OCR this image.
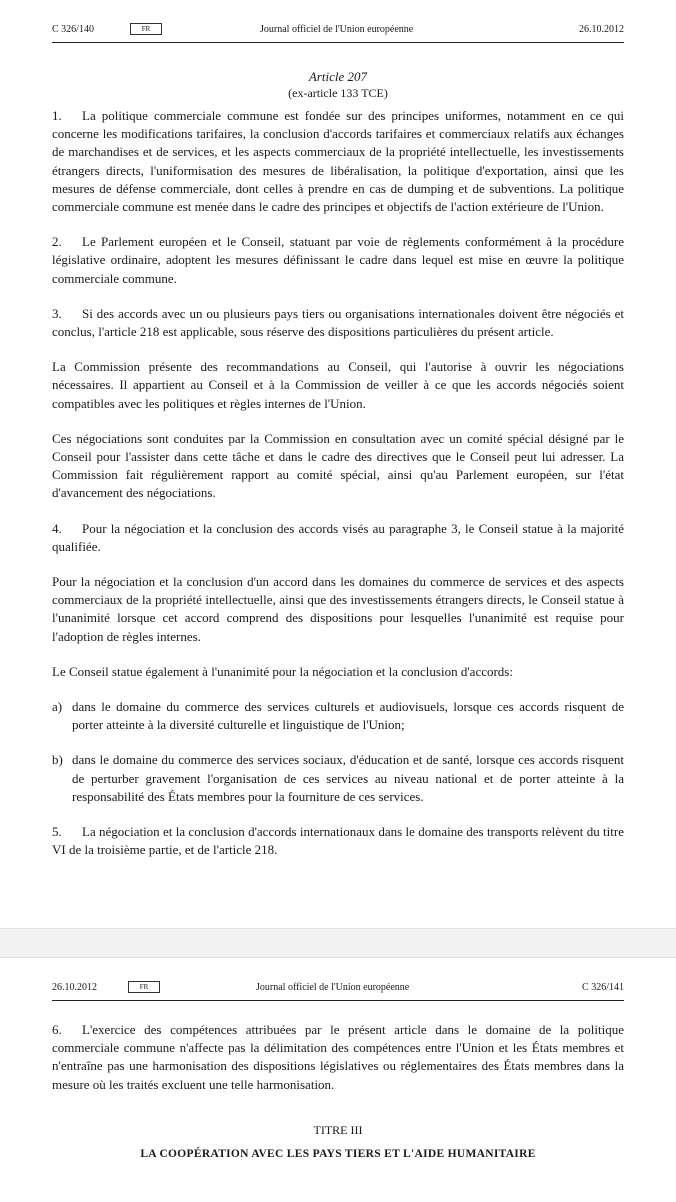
C 326/140	FR	Journal officiel de l'Union européenne	26.10.2012
Article 207
(ex-article 133 TCE)

1. La politique commerciale commune est fondée sur des principes uniformes, notamment en ce qui concerne les modifications tarifaires, la conclusion d'accords tarifaires et commerciaux relatifs aux échanges de marchandises et de services, et les aspects commerciaux de la propriété intellectuelle, les investissements étrangers directs, l'uniformisation des mesures de libéralisation, la politique d'exportation, ainsi que les mesures de défense commerciale, dont celles à prendre en cas de dumping et de subventions. La politique commerciale commune est menée dans le cadre des principes et objectifs de l'action extérieure de l'Union.

2. Le Parlement européen et le Conseil, statuant par voie de règlements conformément à la procédure législative ordinaire, adoptent les mesures définissant le cadre dans lequel est mise en œuvre la politique commerciale commune.

3. Si des accords avec un ou plusieurs pays tiers ou organisations internationales doivent être négociés et conclus, l'article 218 est applicable, sous réserve des dispositions particulières du présent article.

La Commission présente des recommandations au Conseil, qui l'autorise à ouvrir les négociations nécessaires. Il appartient au Conseil et à la Commission de veiller à ce que les accords négociés soient compatibles avec les politiques et règles internes de l'Union.

Ces négociations sont conduites par la Commission en consultation avec un comité spécial désigné par le Conseil pour l'assister dans cette tâche et dans le cadre des directives que le Conseil peut lui adresser. La Commission fait régulièrement rapport au comité spécial, ainsi qu'au Parlement européen, sur l'état d'avancement des négociations.

4. Pour la négociation et la conclusion des accords visés au paragraphe 3, le Conseil statue à la majorité qualifiée.

Pour la négociation et la conclusion d'un accord dans les domaines du commerce de services et des aspects commerciaux de la propriété intellectuelle, ainsi que des investissements étrangers directs, le Conseil statue à l'unanimité lorsque cet accord comprend des dispositions pour lesquelles l'unanimité est requise pour l'adoption de règles internes.

Le Conseil statue également à l'unanimité pour la négociation et la conclusion d'accords:

a) dans le domaine du commerce des services culturels et audiovisuels, lorsque ces accords risquent de porter atteinte à la diversité culturelle et linguistique de l'Union;

b) dans le domaine du commerce des services sociaux, d'éducation et de santé, lorsque ces accords risquent de perturber gravement l'organisation de ces services au niveau national et de porter atteinte à la responsabilité des États membres pour la fourniture de ces services.

5. La négociation et la conclusion d'accords internationaux dans le domaine des transports relèvent du titre VI de la troisième partie, et de l'article 218.

26.10.2012	FR	Journal officiel de l'Union européenne	C 326/141

6. L'exercice des compétences attribuées par le présent article dans le domaine de la politique commerciale commune n'affecte pas la délimitation des compétences entre l'Union et les États membres et n'entraîne pas une harmonisation des dispositions législatives ou réglementaires des États membres dans la mesure où les traités excluent une telle harmonisation.

TITRE III
LA COOPÉRATION AVEC LES PAYS TIERS ET L'AIDE HUMANITAIRE
